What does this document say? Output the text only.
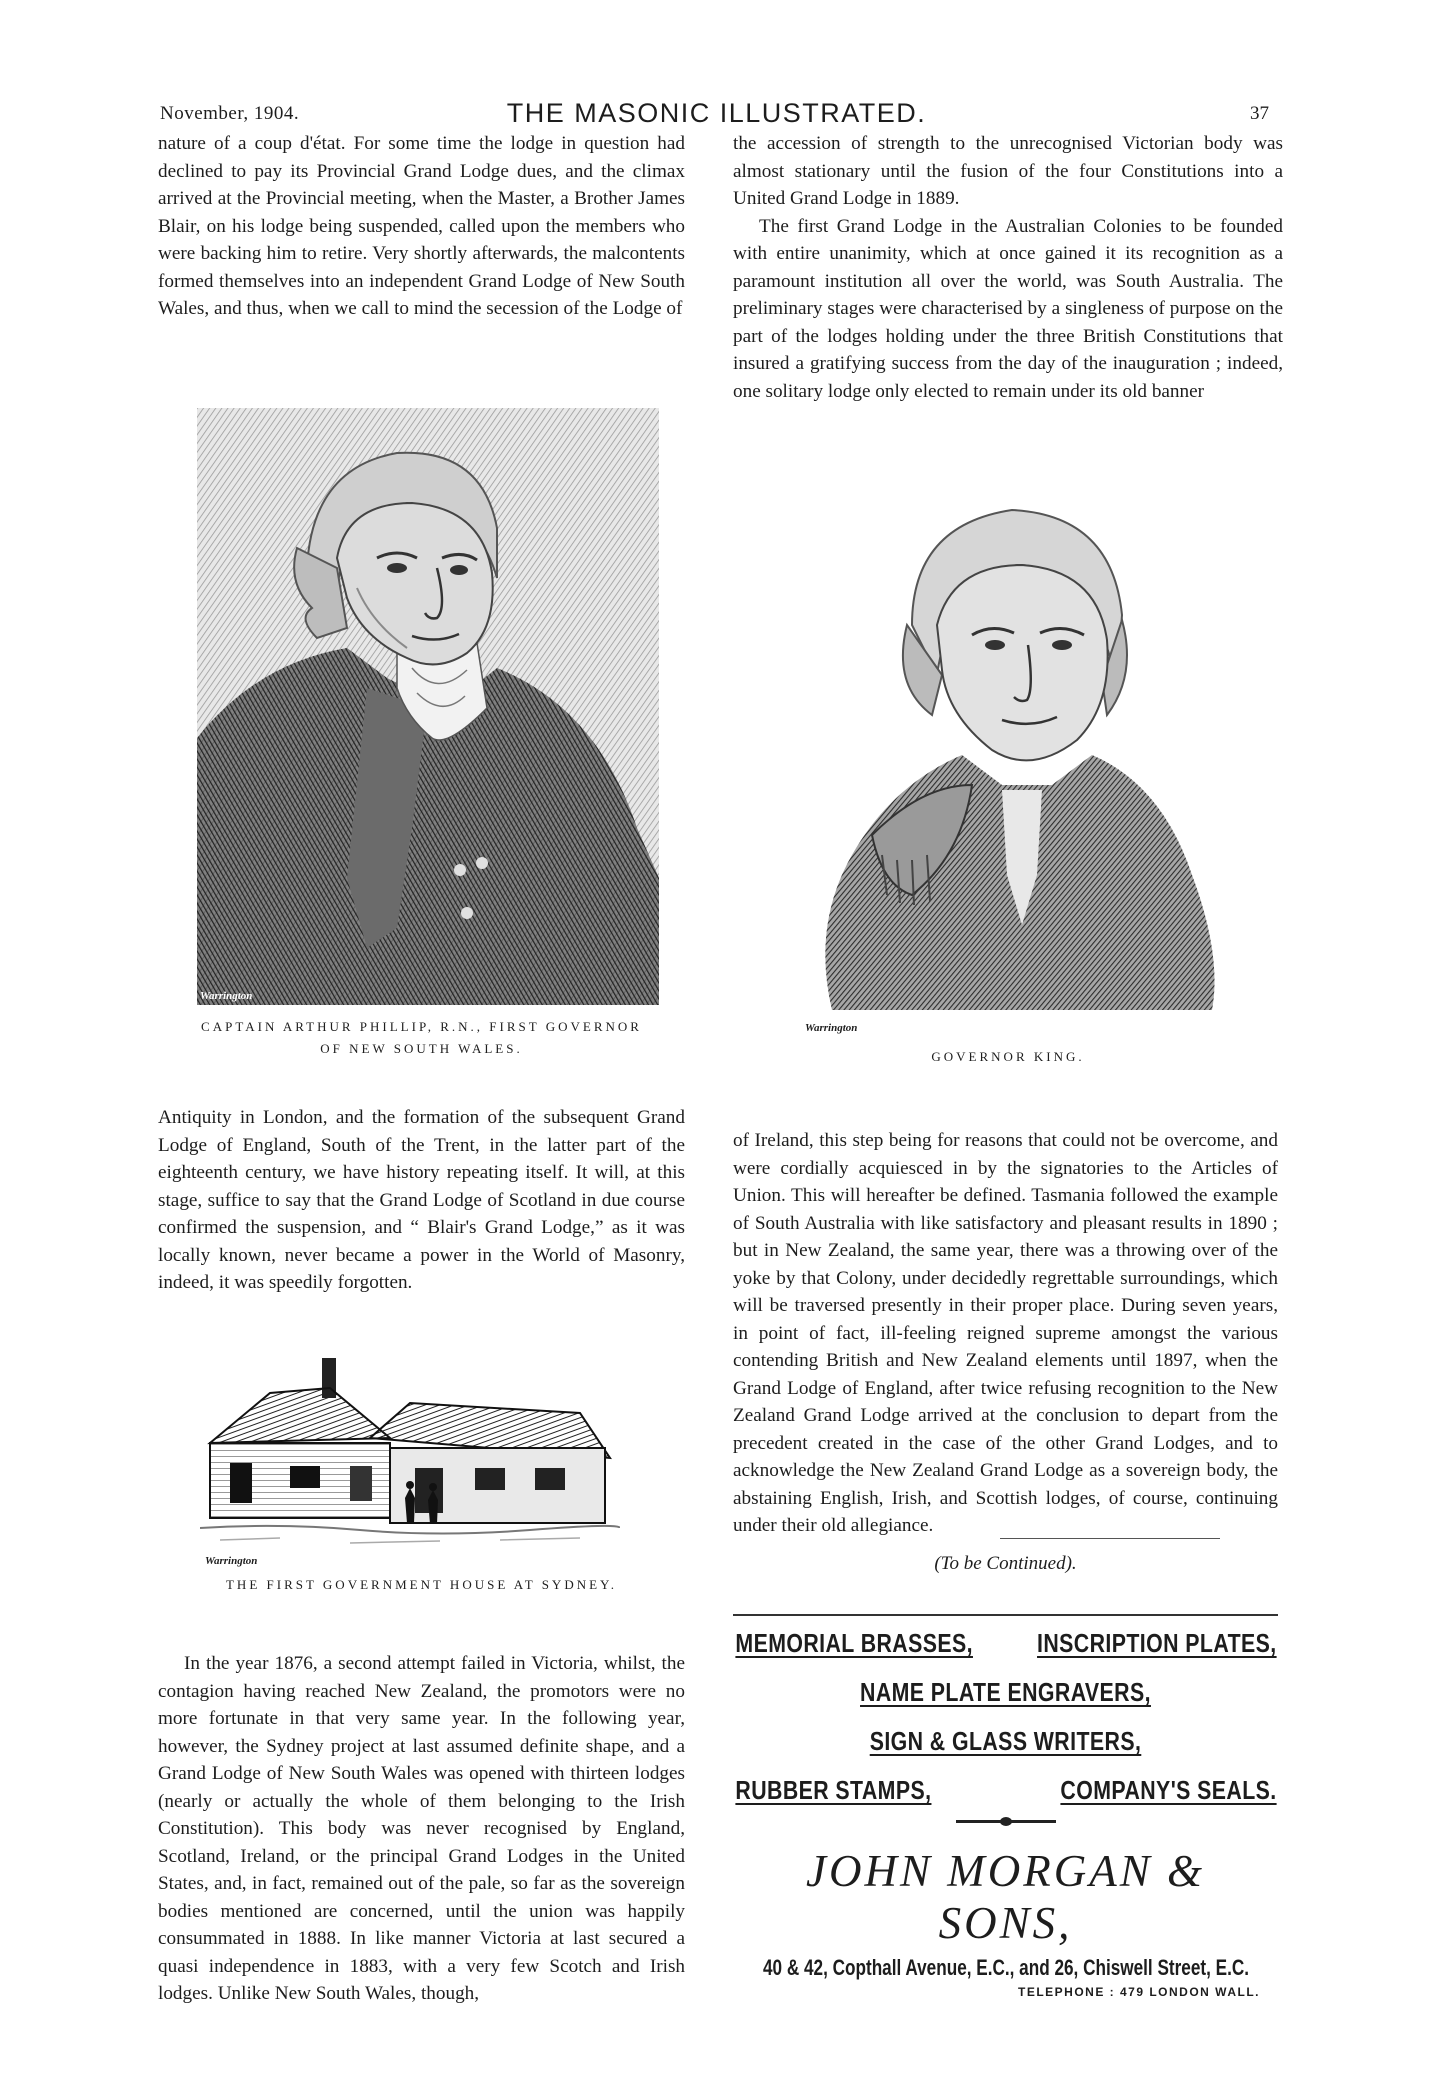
November, 1904.	THE MASONIC ILLUSTRATED.	37

nature of a coup d'état. For some time the lodge in question had declined to pay its Provincial Grand Lodge dues, and the climax arrived at the Provincial meeting, when the Master, a Brother James Blair, on his lodge being suspended, called upon the members who were backing him to retire. Very shortly afterwards, the malcontents formed themselves into an independent Grand Lodge of New South Wales, and thus, when we call to mind the secession of the Lodge of

the accession of strength to the unrecognised Victorian body was almost stationary until the fusion of the four Constitutions into a United Grand Lodge in 1889.

The first Grand Lodge in the Australian Colonies to be founded with entire unanimity, which at once gained it its recognition as a paramount institution all over the world, was South Australia. The preliminary stages were characterised by a singleness of purpose on the part of the lodges holding under the three British Constitutions that insured a gratifying success from the day of the inauguration ; indeed, one solitary lodge only elected to remain under its old banner

Warrington
CAPTAIN ARTHUR PHILLIP, R.N., FIRST GOVERNOR
OF NEW SOUTH WALES.
Warrington
GOVERNOR KING.

Antiquity in London, and the formation of the subsequent Grand Lodge of England, South of the Trent, in the latter part of the eighteenth century, we have history repeating itself. It will, at this stage, suffice to say that the Grand Lodge of Scotland in due course confirmed the suspension, and “ Blair's Grand Lodge,” as it was locally known, never became a power in the World of Masonry, indeed, it was speedily forgotten.

of Ireland, this step being for reasons that could not be overcome, and were cordially acquiesced in by the signatories to the Articles of Union. This will hereafter be defined. Tasmania followed the example of South Australia with like satisfactory and pleasant results in 1890 ; but in New Zealand, the same year, there was a throwing over of the yoke by that Colony, under decidedly regrettable surroundings, which will be traversed presently in their proper place. During seven years, in point of fact, ill-feeling reigned supreme amongst the various contending British and New Zealand elements until 1897, when the Grand Lodge of England, after twice refusing recognition to the New Zealand Grand Lodge arrived at the conclusion to depart from the precedent created in the case of the other Grand Lodges, and to acknowledge the New Zealand Grand Lodge as a sovereign body, the abstaining English, Irish, and Scottish lodges, of course, continuing under their old allegiance.

Warrington
THE FIRST GOVERNMENT HOUSE AT SYDNEY.

In the year 1876, a second attempt failed in Victoria, whilst, the contagion having reached New Zealand, the promotors were no more fortunate in that very same year. In the following year, however, the Sydney project at last assumed definite shape, and a Grand Lodge of New South Wales was opened with thirteen lodges (nearly or actually the whole of them belonging to the Irish Constitution). This body was never recognised by England, Scotland, Ireland, or the principal Grand Lodges in the United States, and, in fact, remained out of the pale, so far as the sovereign bodies mentioned are concerned, until the union was happily consummated in 1888. In like manner Victoria at last secured a quasi independence in 1883, with a very few Scotch and Irish lodges. Unlike New South Wales, though,

(To be Continued).
MEMORIAL BRASSES, INSCRIPTION PLATES,
NAME PLATE ENGRAVERS,
SIGN & GLASS WRITERS,
RUBBER STAMPS,	COMPANY'S SEALS.
JOHN MORGAN & SONS,
40 & 42, Copthall Avenue, E.C., and 26, Chiswell Street, E.C.
TELEPHONE : 479 LONDON WALL.
